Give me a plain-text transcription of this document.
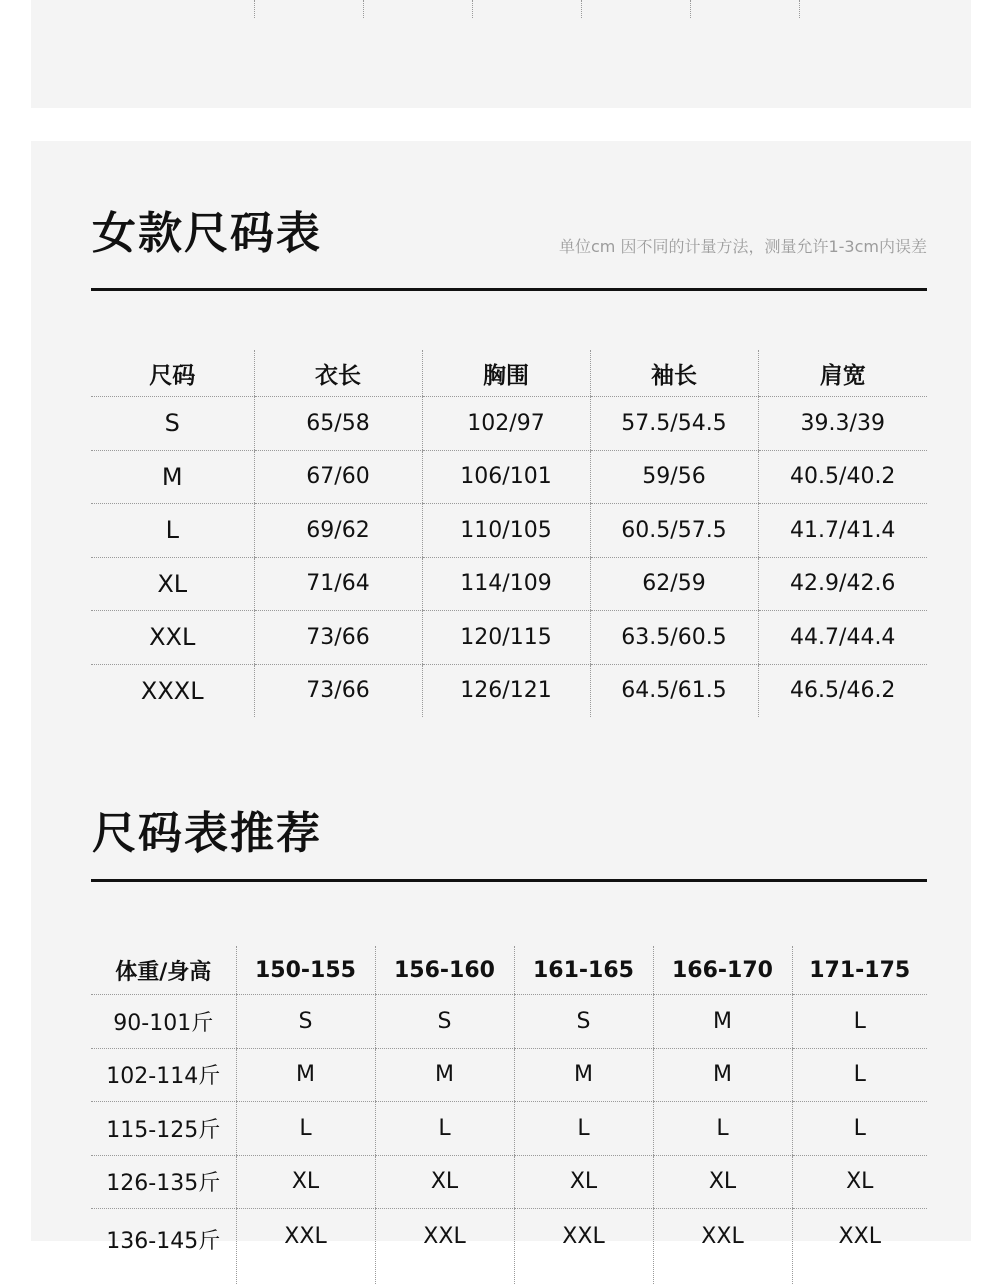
女款尺码表	单位cm 因不同的计量方法，测量允许1-3cm内误差
尺码	衣长	胸围	袖长	肩宽
S	65/58	102/97	57.5/54.5	39.3/39
M	67/60	106/101	59/56	40.5/40.2
L	69/62	110/105	60.5/57.5	41.7/41.4
XL	71/64	114/109	62/59	42.9/42.6
XXL	73/66	120/115	63.5/60.5	44.7/44.4
XXXL	73/66	126/121	64.5/61.5	46.5/46.2
尺码表推荐
体重/身高	150-155	156-160	161-165	166-170	171-175
90-101斤	S	S	S	M	L
102-114斤	M	M	M	M	L
115-125斤	L	L	L	L	L
126-135斤	XL	XL	XL	XL	XL
136-145斤	XXL	XXL	XXL	XXL	XXL
